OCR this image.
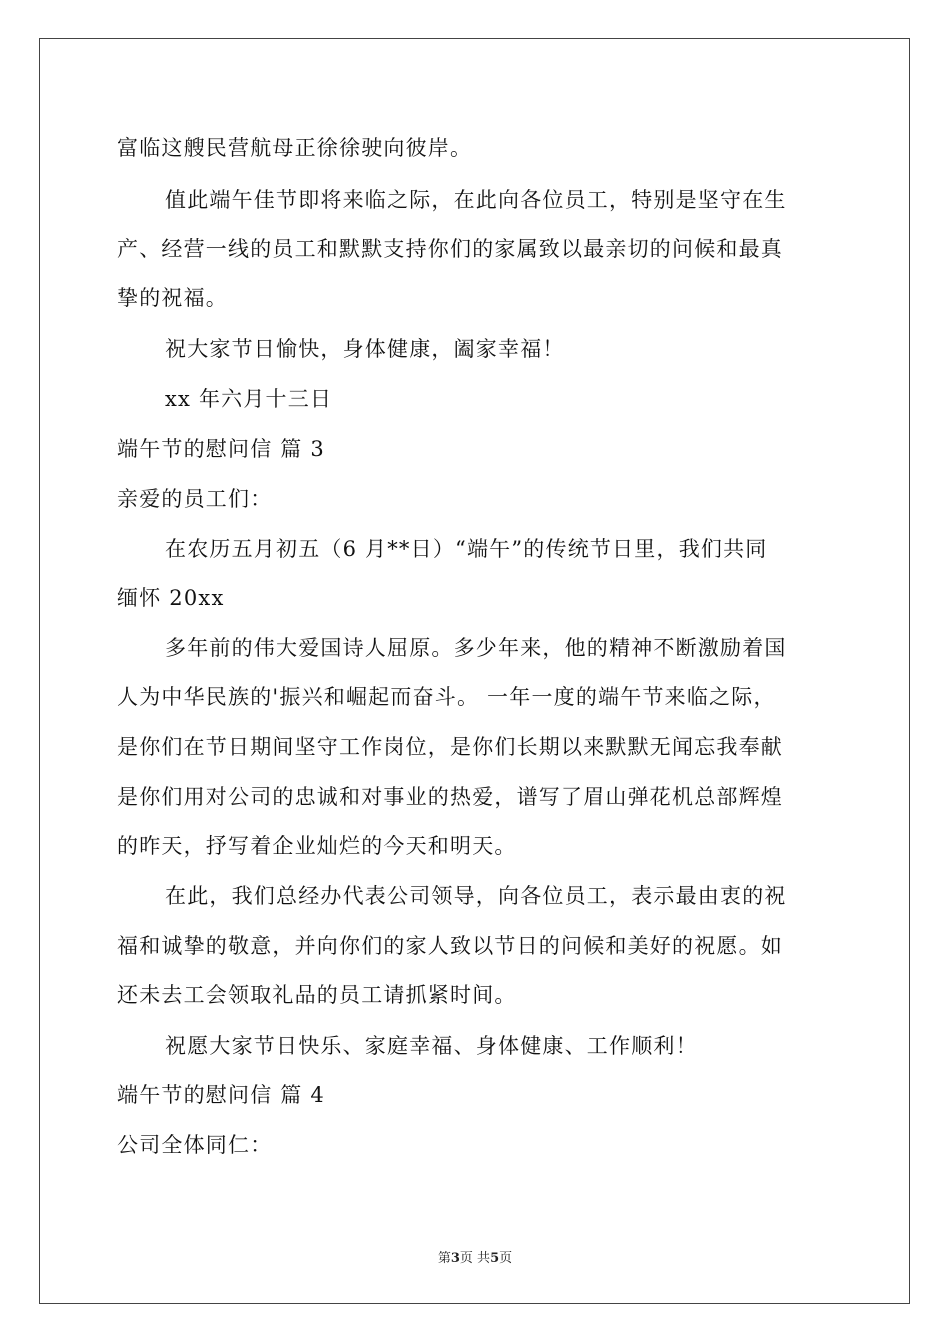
富临这艘民营航母正徐徐驶向彼岸。
值此端午佳节即将来临之际，在此向各位员工，特别是坚守在生
产、经营一线的员工和默默支持你们的家属致以最亲切的问候和最真
挚的祝福。
祝大家节日愉快，身体健康，阖家幸福！
xx 年六月十三日
端午节的慰问信 篇 3
亲爱的员工们：
在农历五月初五（6 月**日）“端午”的传统节日里，我们共同
缅怀 20xx
多年前的伟大爱国诗人屈原。多少年来，他的精神不断激励着国
人为中华民族的'振兴和崛起而奋斗。 一年一度的端午节来临之际，
是你们在节日期间坚守工作岗位，是你们长期以来默默无闻忘我奉献
是你们用对公司的忠诚和对事业的热爱，谱写了眉山弹花机总部辉煌
的昨天，抒写着企业灿烂的今天和明天。
在此，我们总经办代表公司领导，向各位员工，表示最由衷的祝
福和诚挚的敬意，并向你们的家人致以节日的问候和美好的祝愿。如
还未去工会领取礼品的员工请抓紧时间。
祝愿大家节日快乐、家庭幸福、身体健康、工作顺利！
端午节的慰问信 篇 4
公司全体同仁：
第3页 共5页
